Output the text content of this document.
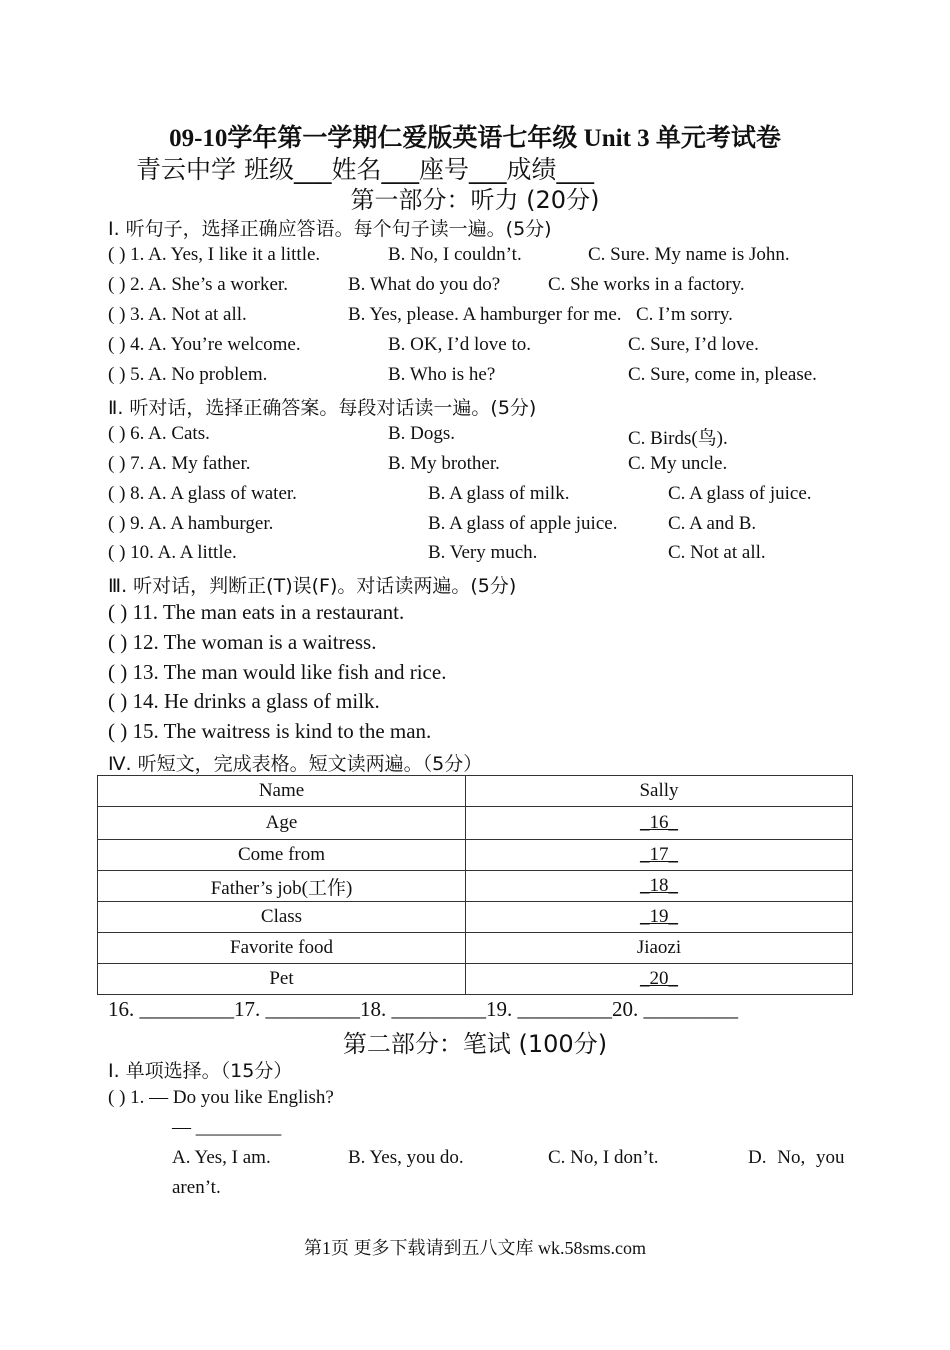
09-10学年第一学期仁爱版英语七年级 Unit 3 单元考试卷
青云中学 班级___姓名___座号___成绩___
第一部分：听力 (20分)
Ⅰ. 听句子，选择正确应答语。每个句子读一遍。(5分)
( ) 1. A. Yes, I like it a little.	B. No, I couldn’t.	C. Sure. My name is John.
( ) 2. A. She’s a worker.	B. What do you do?	C. She works in a factory.
( ) 3. A. Not at all.	B. Yes, please. A hamburger for me. C. I’m sorry.
( ) 4. A. You’re welcome.	B. OK, I’d love to.	C. Sure, I’d love.
( ) 5. A. No problem.	B. Who is he?	C. Sure, come in, please.
Ⅱ. 听对话，选择正确答案。每段对话读一遍。(5分)
( ) 6. A. Cats.	B. Dogs.	C. Birds(鸟).
( ) 7. A. My father.	B. My brother.	C. My uncle.
( ) 8. A. A glass of water.	B. A glass of milk.	C. A glass of juice.
( ) 9. A. A hamburger.	B. A glass of apple juice.	C. A and B.
( ) 10. A. A little.	B. Very much.	C. Not at all.
Ⅲ. 听对话，判断正(T)误(F)。对话读两遍。(5分)
( ) 11. The man eats in a restaurant.
( ) 12. The woman is a waitress.
( ) 13. The man would like fish and rice.
( ) 14. He drinks a glass of milk.
( ) 15. The waitress is kind to the man.
Ⅳ. 听短文，完成表格。短文读两遍。（5分）
Name	Sally
Age	_16_
Come from	_17_
Father’s job(工作)	_18_
Class	_19_
Favorite food	Jiaozi
Pet	_20_
16. _________17. _________18. _________19. _________20. _________
第二部分：笔试 (100分)
Ⅰ. 单项选择。（15分）
( ) 1. — Do you like English?
— _________
A. Yes, I am.	B. Yes, you do.	C. No, I don’t.	D. No, you
aren’t.
第1页 更多下载请到五八文库 wk.58sms.com
